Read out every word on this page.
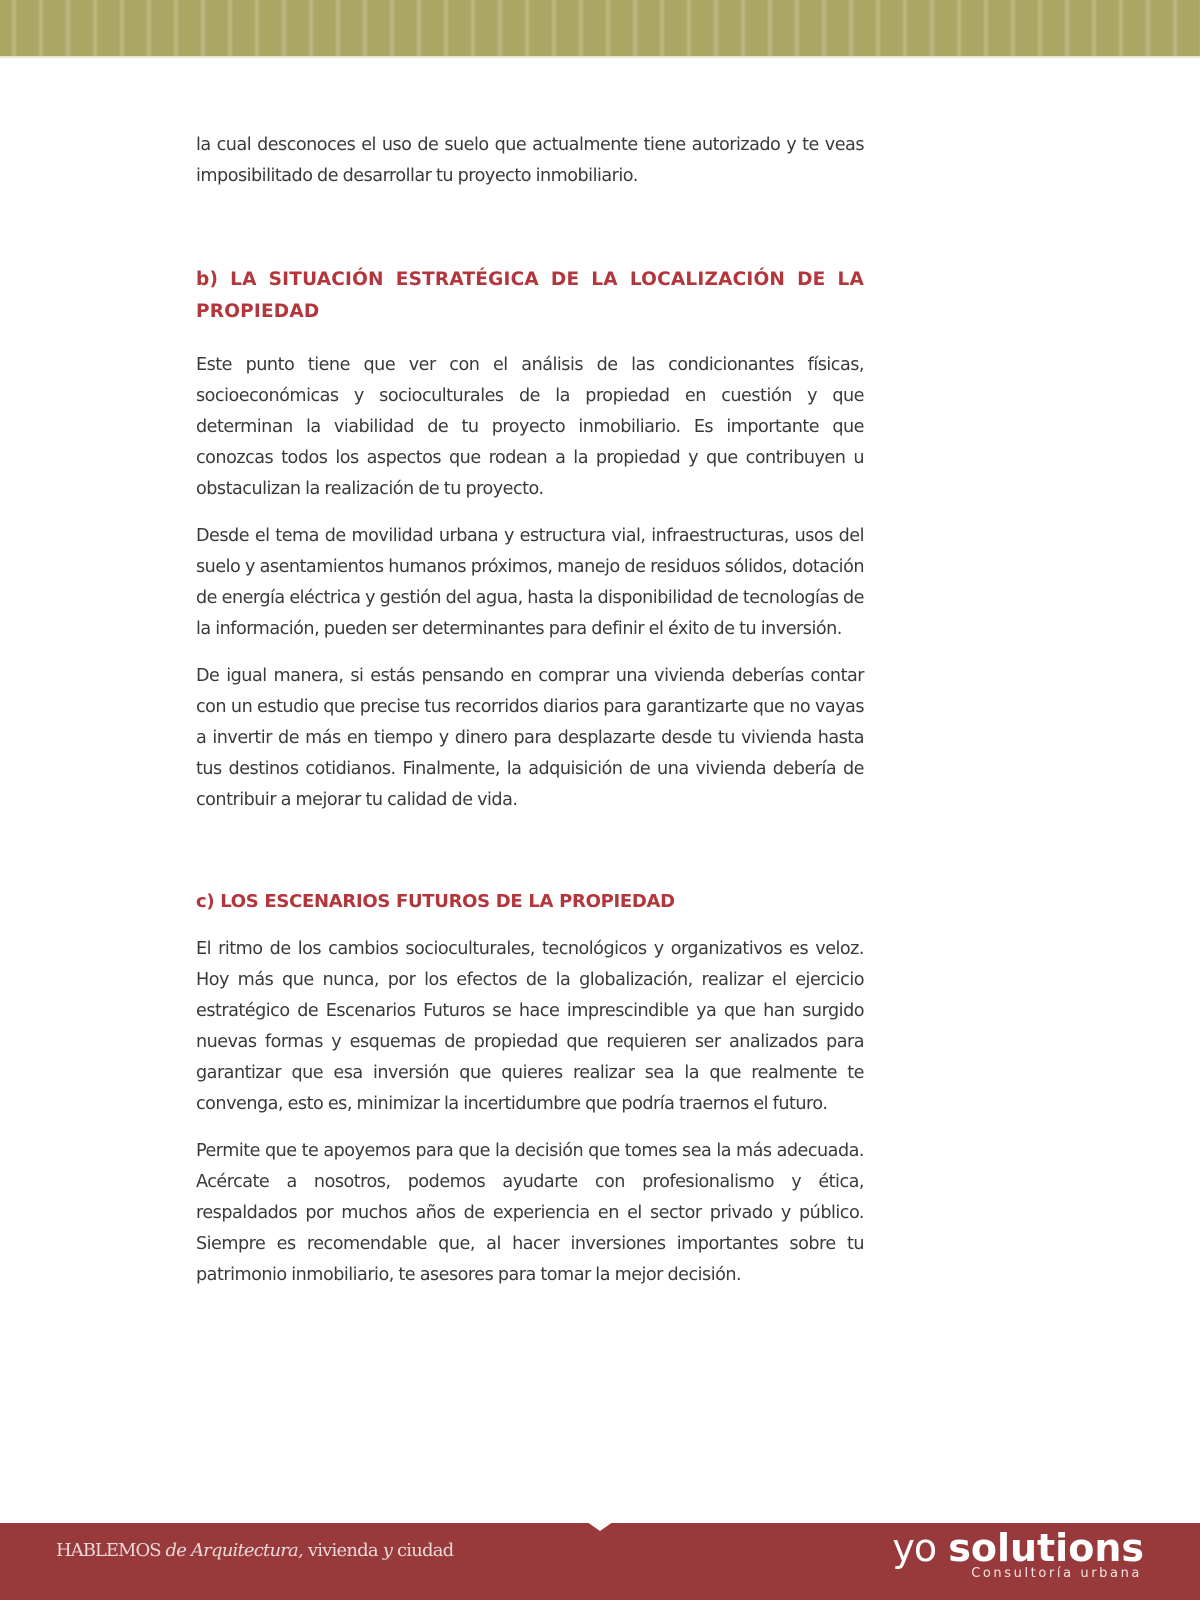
la cual desconoces el uso de suelo que actualmente tiene autorizado y te veas imposibilitado de desarrollar tu proyecto inmobiliario.

b) LA SITUACIÓN ESTRATÉGICA DE LA LOCALIZACIÓN DE LA PROPIEDAD

Este punto tiene que ver con el análisis de las condicionantes físicas, socioeconómicas y socioculturales de la propiedad en cuestión y que determinan la viabilidad de tu proyecto inmobiliario. Es importante que conozcas todos los aspectos que rodean a la propiedad y que contribuyen u obstaculizan la realización de tu proyecto.

Desde el tema de movilidad urbana y estructura vial, infraestructuras, usos del suelo y asentamientos humanos próximos, manejo de residuos sólidos, dotación de energía eléctrica y gestión del agua, hasta la disponibilidad de tecnologías de la información, pueden ser determinantes para definir el éxito de tu inversión.

De igual manera, si estás pensando en comprar una vivienda deberías contar con un estudio que precise tus recorridos diarios para garantizarte que no vayas a invertir de más en tiempo y dinero para desplazarte desde tu vivienda hasta tus destinos cotidianos. Finalmente, la adquisición de una vivienda debería de contribuir a mejorar tu calidad de vida.

c) LOS ESCENARIOS FUTUROS DE LA PROPIEDAD

El ritmo de los cambios socioculturales, tecnológicos y organizativos es veloz. Hoy más que nunca, por los efectos de la globalización, realizar el ejercicio estratégico de Escenarios Futuros se hace imprescindible ya que han surgido nuevas formas y esquemas de propiedad que requieren ser analizados para garantizar que esa inversión que quieres realizar sea la que realmente te convenga, esto es, minimizar la incertidumbre que podría traernos el futuro.

Permite que te apoyemos para que la decisión que tomes sea la más adecuada. Acércate a nosotros, podemos ayudarte con profesionalismo y ética, respaldados por muchos años de experiencia en el sector privado y público. Siempre es recomendable que, al hacer inversiones importantes sobre tu patrimonio inmobiliario, te asesores para tomar la mejor decisión.

HABLEMOS de Arquitectura, vivienda y ciudad	yo solutions
Consultoría urbana
